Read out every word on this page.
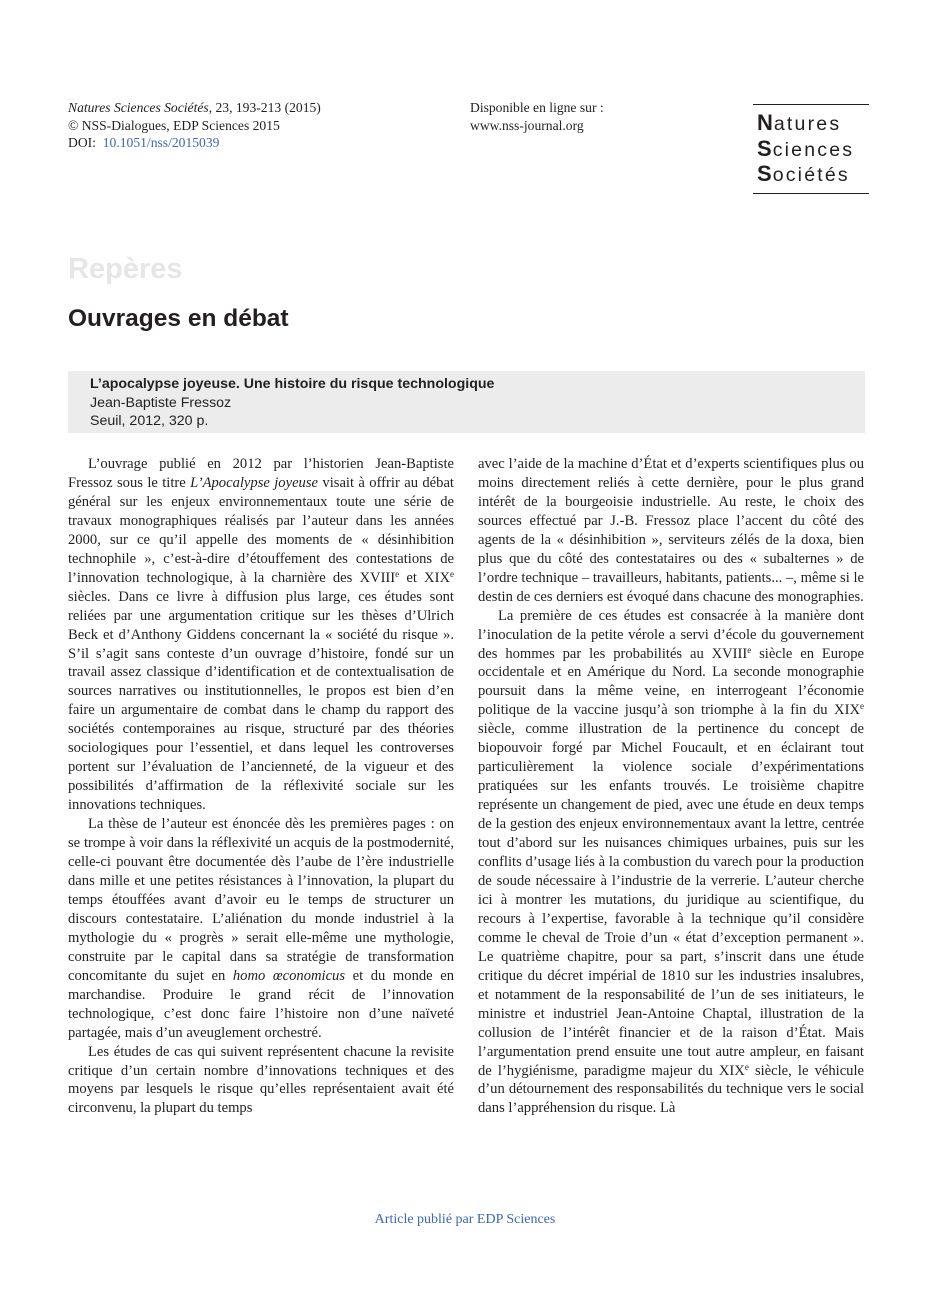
Natures Sciences Sociétés, 23, 193-213 (2015)
© NSS-Dialogues, EDP Sciences 2015
DOI: 10.1051/nss/2015039
Disponible en ligne sur :
www.nss-journal.org	Natures
Sciences
Sociétés
Repères
Ouvrages en débat
L’apocalypse joyeuse. Une histoire du risque technologique
Jean-Baptiste Fressoz
Seuil, 2012, 320 p.

L’ouvrage publié en 2012 par l’historien Jean-Baptiste Fressoz sous le titre L’Apocalypse joyeuse visait à offrir au débat général sur les enjeux environnementaux toute une série de travaux monographiques réalisés par l’auteur dans les années 2000, sur ce qu’il appelle des moments de « désinhibition technophile », c’est-à-dire d’étouffement des contestations de l’innovation technologique, à la charnière des XVIIIe et XIXe siècles. Dans ce livre à diffusion plus large, ces études sont reliées par une argumentation critique sur les thèses d’Ulrich Beck et d’Anthony Giddens concernant la « société du risque ». S’il s’agit sans conteste d’un ouvrage d’histoire, fondé sur un travail assez classique d’identification et de contextualisation de sources narratives ou institutionnelles, le propos est bien d’en faire un argumentaire de combat dans le champ du rapport des sociétés contemporaines au risque, structuré par des théories sociologiques pour l’essentiel, et dans lequel les controverses portent sur l’évaluation de l’ancienneté, de la vigueur et des possibilités d’affirmation de la réflexivité sociale sur les innovations techniques.

La thèse de l’auteur est énoncée dès les premières pages : on se trompe à voir dans la réflexivité un acquis de la postmodernité, celle-ci pouvant être documentée dès l’aube de l’ère industrielle dans mille et une petites résistances à l’innovation, la plupart du temps étouffées avant d’avoir eu le temps de structurer un discours contestataire. L’aliénation du monde industriel à la mythologie du « progrès » serait elle-même une mythologie, construite par le capital dans sa stratégie de transformation concomitante du sujet en homo œconomicus et du monde en marchandise. Produire le grand récit de l’innovation technologique, c’est donc faire l’histoire non d’une naïveté partagée, mais d’un aveuglement orchestré.

Les études de cas qui suivent représentent chacune la revisite critique d’un certain nombre d’innovations techniques et des moyens par lesquels le risque qu’elles représentaient avait été circonvenu, la plupart du temps

avec l’aide de la machine d’État et d’experts scientifiques plus ou moins directement reliés à cette dernière, pour le plus grand intérêt de la bourgeoisie industrielle. Au reste, le choix des sources effectué par J.-B. Fressoz place l’accent du côté des agents de la « désinhibition », serviteurs zélés de la doxa, bien plus que du côté des contestataires ou des « subalternes » de l’ordre technique – travailleurs, habitants, patients... –, même si le destin de ces derniers est évoqué dans chacune des monographies.

La première de ces études est consacrée à la manière dont l’inoculation de la petite vérole a servi d’école du gouvernement des hommes par les probabilités au XVIIIe siècle en Europe occidentale et en Amérique du Nord. La seconde monographie poursuit dans la même veine, en interrogeant l’économie politique de la vaccine jusqu’à son triomphe à la fin du XIXe siècle, comme illustration de la pertinence du concept de biopouvoir forgé par Michel Foucault, et en éclairant tout particulièrement la violence sociale d’expérimentations pratiquées sur les enfants trouvés. Le troisième chapitre représente un changement de pied, avec une étude en deux temps de la gestion des enjeux environnementaux avant la lettre, centrée tout d’abord sur les nuisances chimiques urbaines, puis sur les conflits d’usage liés à la combustion du varech pour la production de soude nécessaire à l’industrie de la verrerie. L’auteur cherche ici à montrer les mutations, du juridique au scientifique, du recours à l’expertise, favorable à la technique qu’il considère comme le cheval de Troie d’un « état d’exception permanent ». Le quatrième chapitre, pour sa part, s’inscrit dans une étude critique du décret impérial de 1810 sur les industries insalubres, et notamment de la responsabilité de l’un de ses initiateurs, le ministre et industriel Jean-Antoine Chaptal, illustration de la collusion de l’intérêt financier et de la raison d’État. Mais l’argumentation prend ensuite une tout autre ampleur, en faisant de l’hygiénisme, paradigme majeur du XIXe siècle, le véhicule d’un détournement des responsabilités du technique vers le social dans l’appréhension du risque. Là

Article publié par EDP Sciences
